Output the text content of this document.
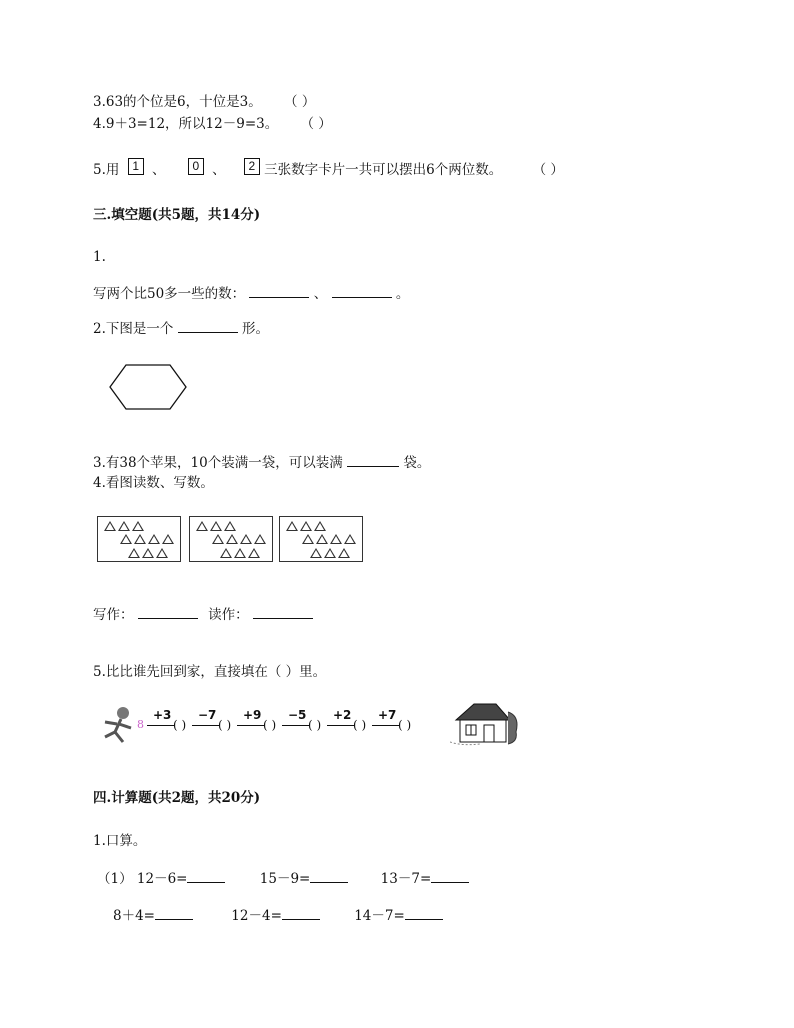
3.63的个位是6，十位是3。 （ ）
4.9＋3=12，所以12－9=3。 （ ）
5.用 1 、 0 、 2 三张数字卡片一共可以摆出6个两位数。 （ ）
三.填空题(共5题，共14分)
1.
写两个比50多一些的数：	、	。
2.下图是一个	形。
3.有38个苹果，10个装满一袋，可以装满	袋。
4.看图读数、写数。
写作：	读作：
5.比比谁先回到家，直接填在（ ）里。
8
+3
( )
−7
( )
+9
( )
−5
( )
+2
( )
+7
( )
四.计算题(共2题，共20分)
1.口算。
（1） 12－6=	15－9=	13－7=
8＋4=	12－4=	14－7=
